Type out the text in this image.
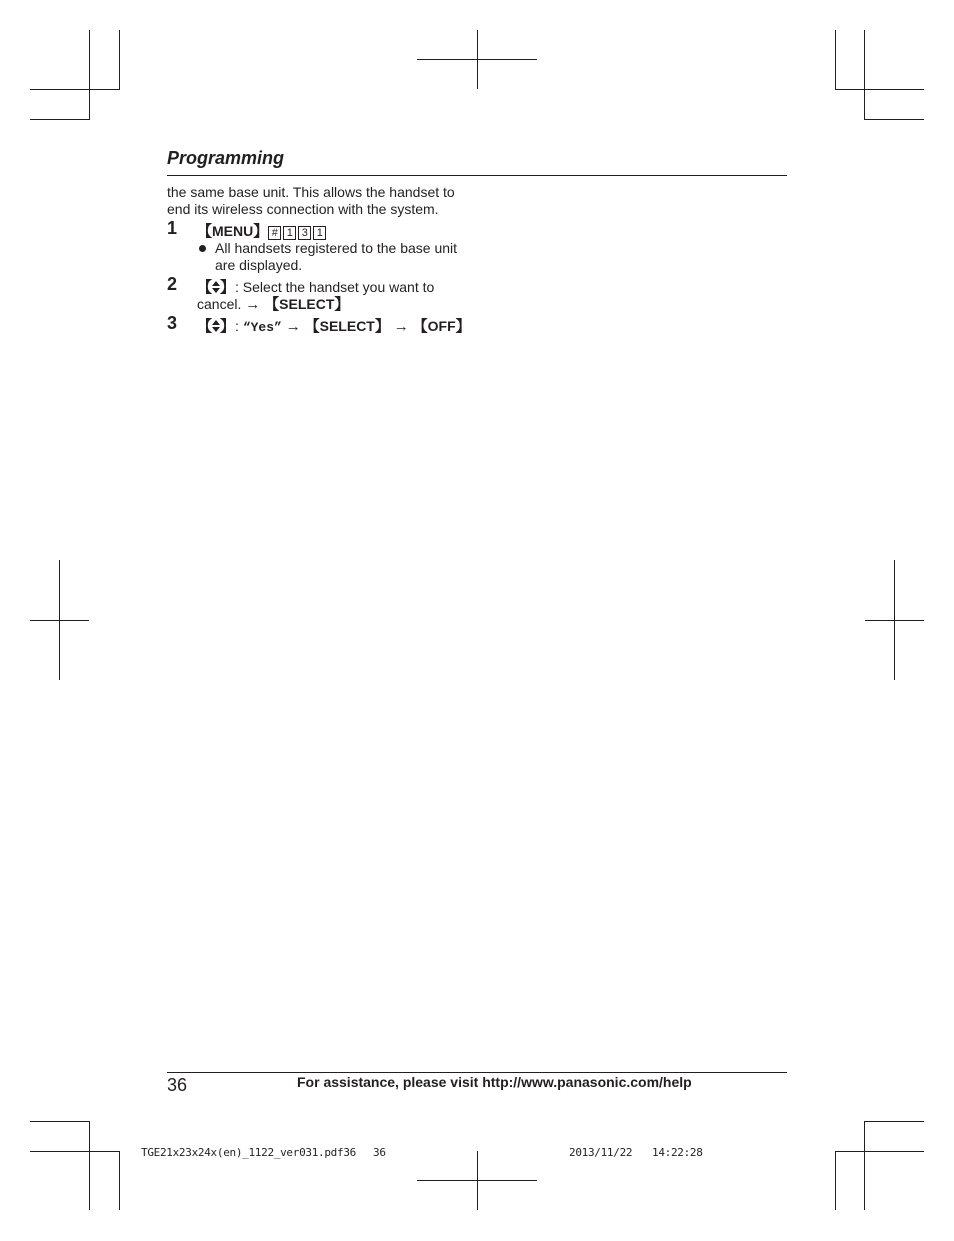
Programming

the same base unit. This allows the handset to
end its wireless connection with the system.

1 【MENU】 # 1 3 1
All handsets registered to the base unit
are displayed.
2 【 】: Select the handset you want to
cancel. → 【SELECT】
3 【 】: “Yes” → 【SELECT】 → 【OFF】
36	For assistance, please visit http://www.panasonic.com/help
TGE21x23x24x(en)_1122_ver031.pdf36 36	2013/11/22 14:22:28
